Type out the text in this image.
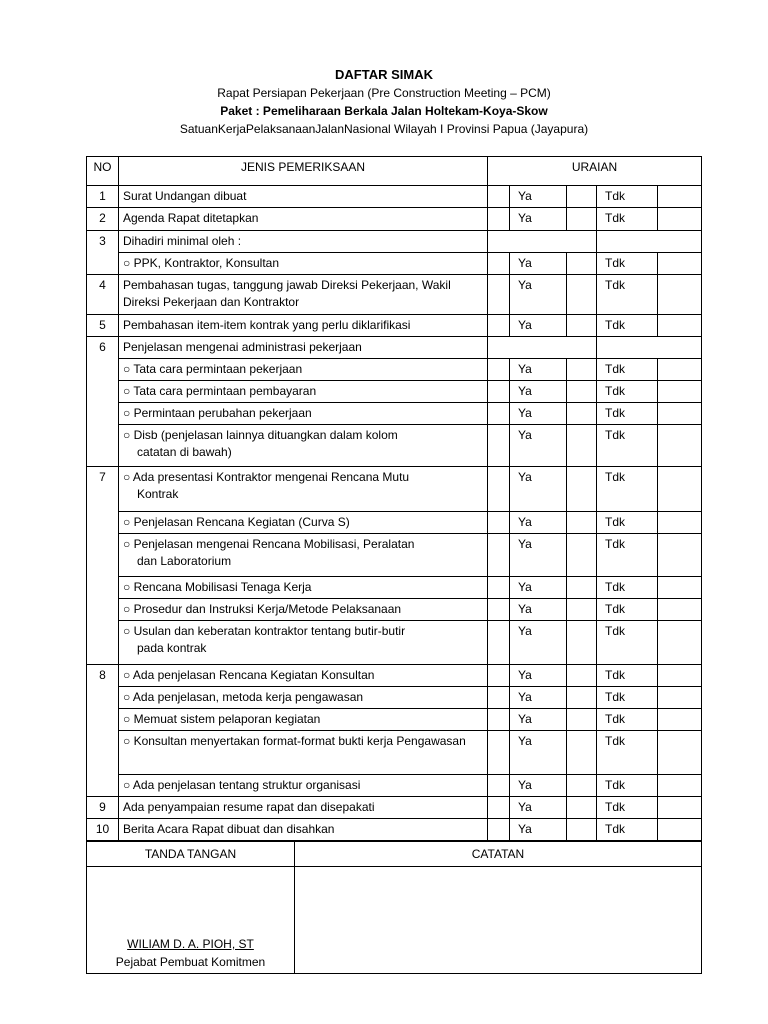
DAFTAR SIMAK
Rapat Persiapan Pekerjaan (Pre Construction Meeting – PCM)
Paket : Pemeliharaan Berkala Jalan Holtekam-Koya-Skow
SatuanKerjaPelaksanaanJalanNasional Wilayah I Provinsi Papua (Jayapura)
NO	JENIS PEMERIKSAAN	URAIAN				
1	Surat Undangan dibuat		Ya		Tdk	
2	Agenda Rapat ditetapkan		Ya		Tdk	
3	Dihadiri minimal oleh :					
	○ PPK, Kontraktor, Konsultan		Ya		Tdk	
4	Pembahasan tugas, tanggung jawab Direksi Pekerjaan, Wakil Direksi Pekerjaan dan Kontraktor		Ya		Tdk	
5	Pembahasan item-item kontrak yang perlu diklarifikasi		Ya		Tdk	
6	Penjelasan mengenai administrasi pekerjaan					
	○ Tata cara permintaan pekerjaan		Ya		Tdk	
	○ Tata cara permintaan pembayaran		Ya		Tdk	
	○ Permintaan perubahan pekerjaan		Ya		Tdk	
	○ Disb (penjelasan lainnya dituangkan dalam kolom
catatan di bawah)		Ya		Tdk	
7	○ Ada presentasi Kontraktor mengenai Rencana Mutu
Kontrak		Ya		Tdk	
	○ Penjelasan Rencana Kegiatan (Curva S)		Ya		Tdk	
	○ Penjelasan mengenai Rencana Mobilisasi, Peralatan
dan Laboratorium		Ya		Tdk	
	○ Rencana Mobilisasi Tenaga Kerja		Ya		Tdk	
	○ Prosedur dan Instruksi Kerja/Metode Pelaksanaan		Ya		Tdk	
	○ Usulan dan keberatan kontraktor tentang butir-butir
pada kontrak		Ya		Tdk	
8	○ Ada penjelasan Rencana Kegiatan Konsultan		Ya		Tdk	
	○ Ada penjelasan, metoda kerja pengawasan		Ya		Tdk	
	○ Memuat sistem pelaporan kegiatan		Ya		Tdk	
	○ Konsultan menyertakan format-format bukti kerja Pengawasan		Ya		Tdk	
	○ Ada penjelasan tentang struktur organisasi		Ya		Tdk	
9	Ada penyampaian resume rapat dan disepakati		Ya		Tdk	
10	Berita Acara Rapat dibuat dan disahkan		Ya		Tdk	
TANDA TANGAN	CATATAN

WILIAM D. A. PIOH, ST
Pejabat Pembuat Komitmen	
